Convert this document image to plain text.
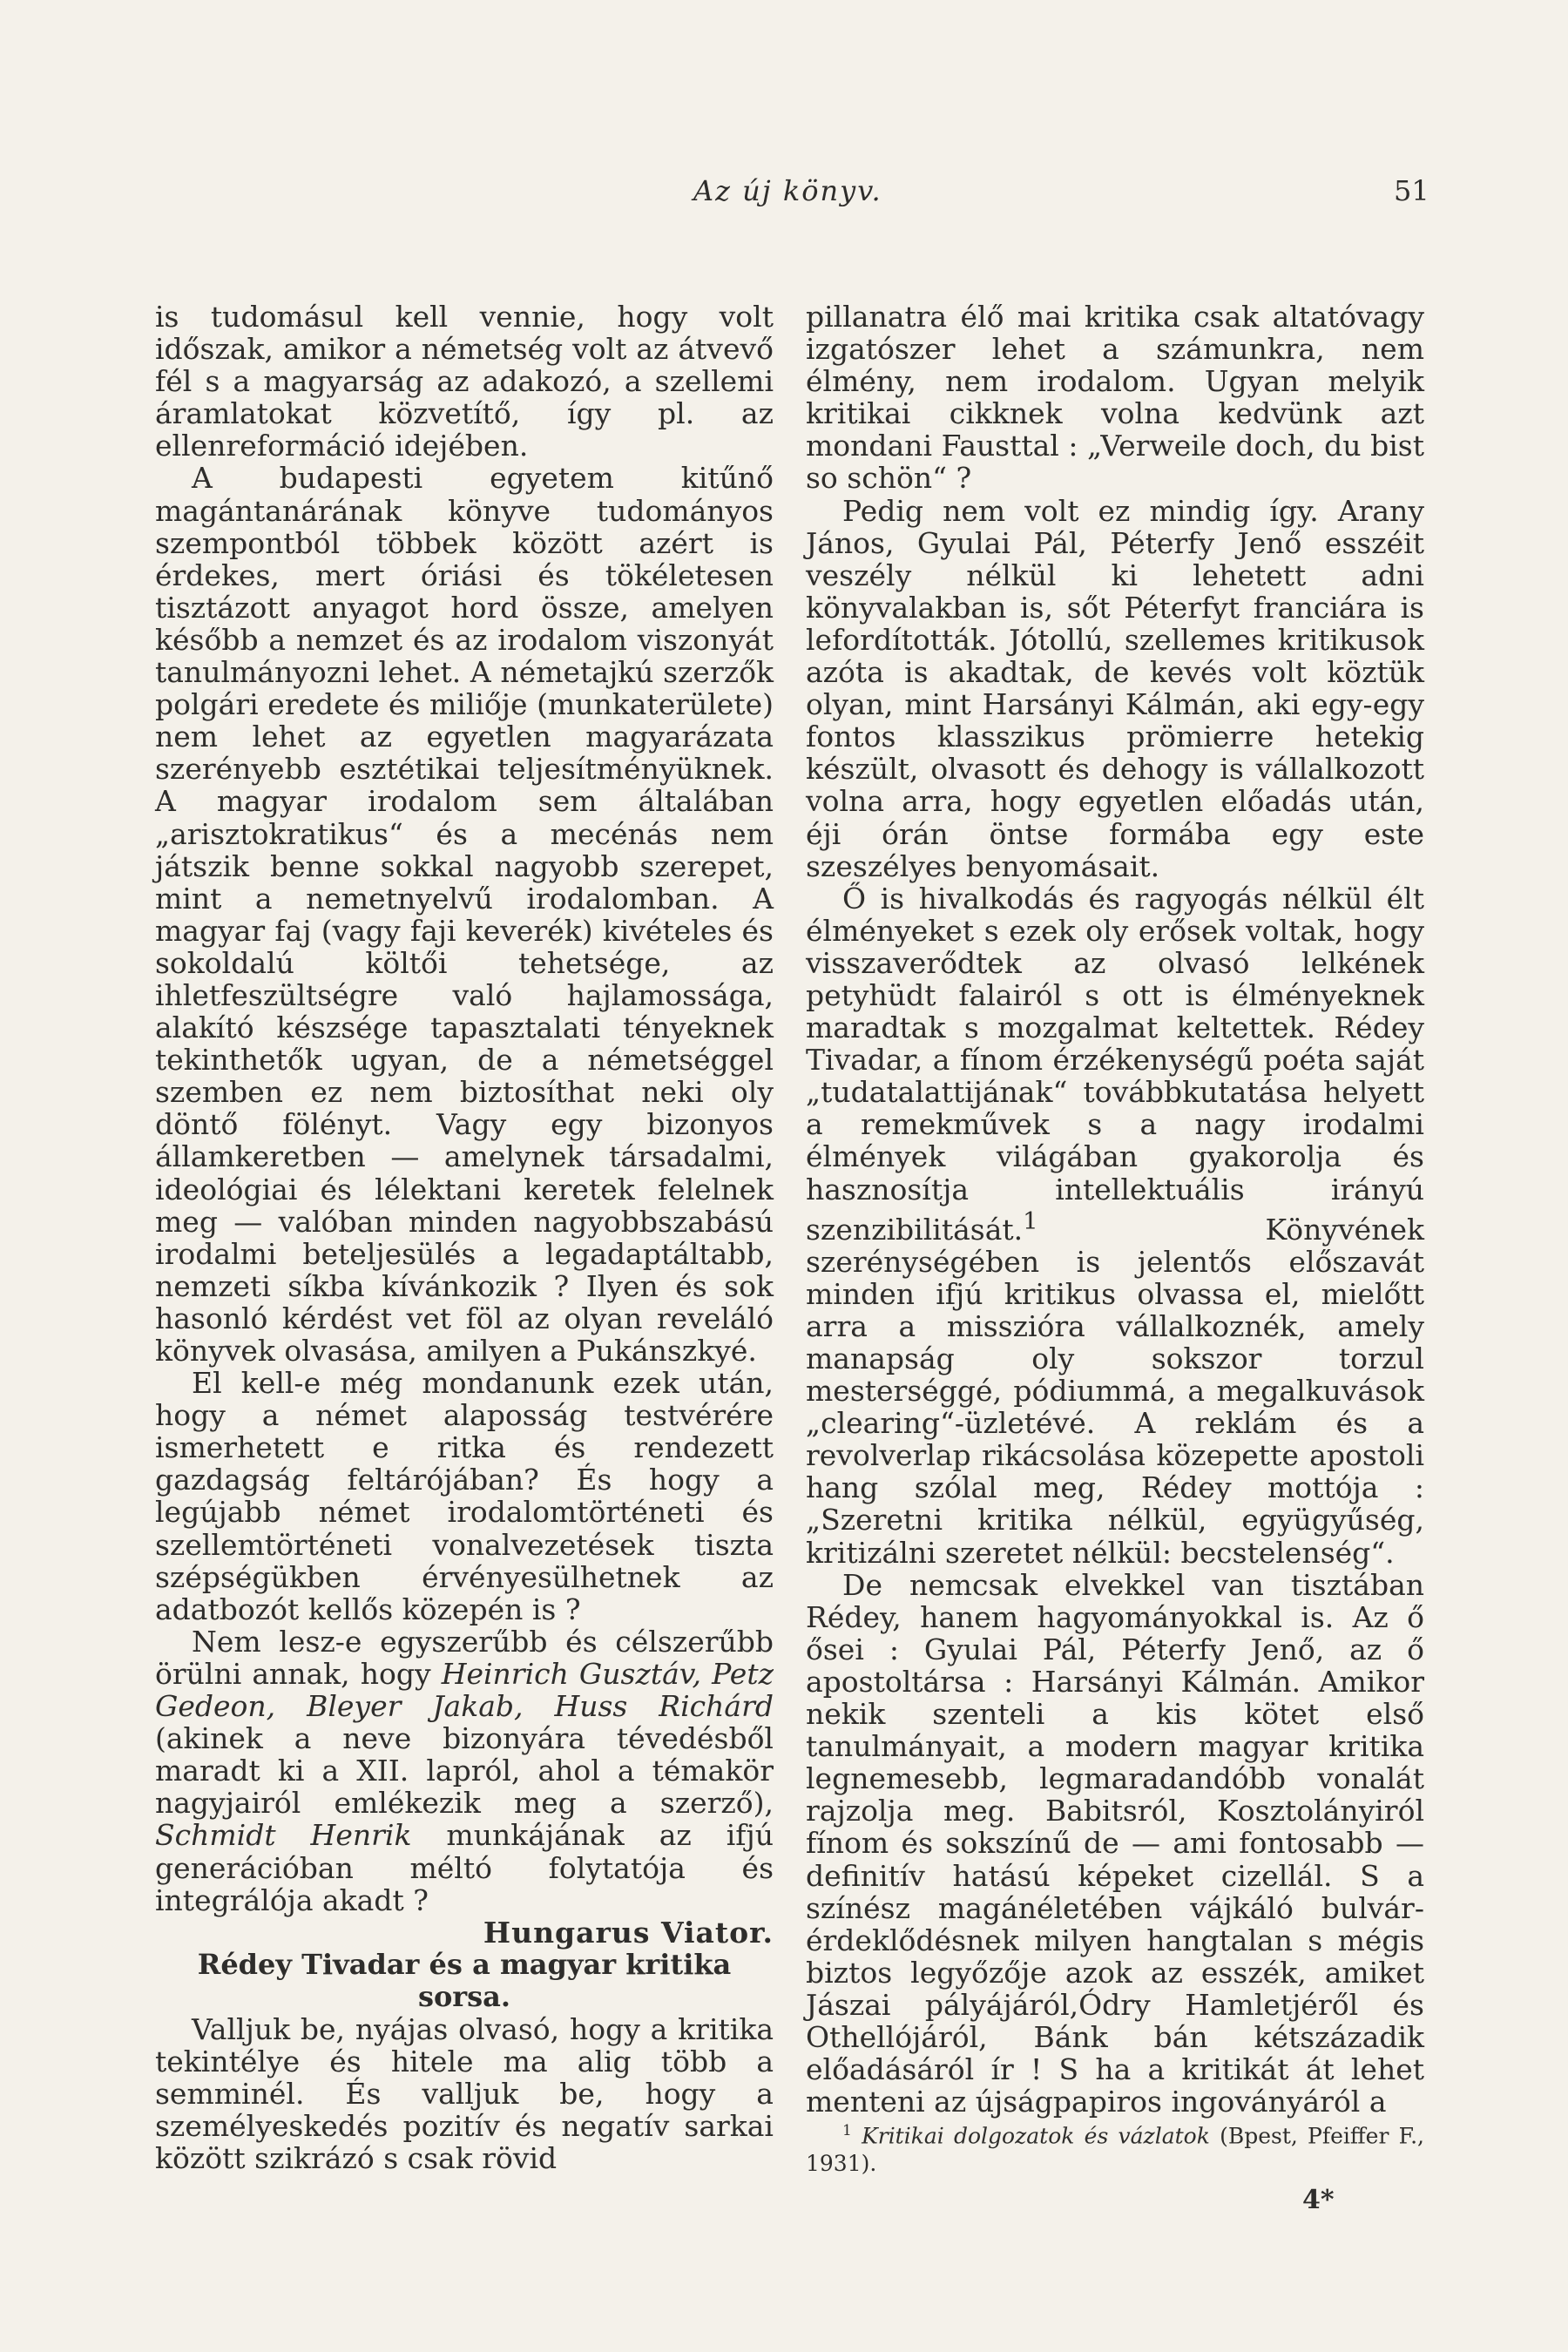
Az új könyv.	51

is tudomásul kell vennie, hogy volt időszak, amikor a németség volt az átvevő fél s a magyarság az adakozó, a szellemi áramlatokat közvetítő, így pl. az ellenreformáció idejében.

A budapesti egyetem kitűnő magántanárának könyve tudományos szempontból többek között azért is érdekes, mert óriási és tökéletesen tisztázott anyagot hord össze, amelyen később a nemzet és az irodalom viszonyát tanulmányozni lehet. A németajkú szerzők polgári eredete és miliője (munkaterülete) nem lehet az egyetlen magyarázata szerényebb esztétikai teljesítményüknek. A magyar irodalom sem általában „arisztokratikus“ és a mecénás nem játszik benne sokkal nagyobb szerepet, mint a nemetnyelvű irodalomban. A magyar faj (vagy faji keverék) kivételes és sokoldalú költői tehetsége, az ihletfeszültségre való hajlamossága, alakító készsége tapasztalati tényeknek tekinthetők ugyan, de a németséggel szemben ez nem biztosíthat neki oly döntő fölényt. Vagy egy bizonyos államkeretben — amelynek társadalmi, ideológiai és lélektani keretek felelnek meg — valóban minden nagyobbszabású irodalmi beteljesülés a legadaptáltabb, nemzeti síkba kívánkozik ? Ilyen és sok hasonló kérdést vet föl az olyan reveláló könyvek olvasása, amilyen a Pukánszkyé.

El kell-e még mondanunk ezek után, hogy a német alaposság testvérére ismerhetett e ritka és rendezett gazdagság feltárójában? És hogy a legújabb német irodalomtörténeti és szellemtörténeti vonalvezetések tiszta szépségükben érvényesülhetnek az adatbozót kellős közepén is ?

Nem lesz-e egyszerűbb és célszerűbb örülni annak, hogy Heinrich Gusztáv, Petz Gedeon, Bleyer Jakab, Huss Richárd (akinek a neve bizonyára tévedésből maradt ki a XII. lapról, ahol a témakör nagyjairól emlékezik meg a szerző), Schmidt Henrik munkájának az ifjú generációban méltó folytatója és integrálója akadt ?

Hungarus Viator.

Rédey Tivadar és a magyar kritika sorsa.

Valljuk be, nyájas olvasó, hogy a kritika tekintélye és hitele ma alig több a semminél. És valljuk be, hogy a személyeskedés pozitív és negatív sarkai között szikrázó s csak rövid

pillanatra élő mai kritika csak altatóvagy izgatószer lehet a számunkra, nem élmény, nem irodalom. Ugyan melyik kritikai cikknek volna kedvünk azt mondani Fausttal : „Verweile doch, du bist so schön“ ?

Pedig nem volt ez mindig így. Arany János, Gyulai Pál, Péterfy Jenő esszéit veszély nélkül ki lehetett adni könyvalakban is, sőt Péterfyt franciára is lefordították. Jótollú, szellemes kritikusok azóta is akadtak, de kevés volt köztük olyan, mint Harsányi Kálmán, aki egy-egy fontos klasszikus prömierre hetekig készült, olvasott és dehogy is vállalkozott volna arra, hogy egyetlen előadás után, éji órán öntse formába egy este szeszélyes benyomásait.

Ő is hivalkodás és ragyogás nélkül élt élményeket s ezek oly erősek voltak, hogy visszaverődtek az olvasó lelkének petyhüdt falairól s ott is élményeknek maradtak s mozgalmat keltettek. Rédey Tivadar, a fínom érzékenységű poéta saját „tudatalattijának“ továbbkutatása helyett a remekművek s a nagy irodalmi élmények világában gyakorolja és hasznosítja intellektuális irányú szenzibilitását.$^1$ Könyvének szerénységében is jelentős előszavát minden ifjú kritikus olvassa el, mielőtt arra a misszióra vállalkoznék, amely manapság oly sokszor torzul mesterséggé, pódiummá, a megalkuvások „clearing“-üzletévé. A reklám és a revolverlap rikácsolása közepette apostoli hang szólal meg, Rédey mottója : „Szeretni kritika nélkül, együgyűség, kritizálni szeretet nélkül: becstelenség“.

De nemcsak elvekkel van tisztában Rédey, hanem hagyományokkal is. Az ő ősei : Gyulai Pál, Péterfy Jenő, az ő apostoltársa : Harsányi Kálmán. Amikor nekik szenteli a kis kötet első tanulmányait, a modern magyar kritika legnemesebb, legmaradandóbb vonalát rajzolja meg. Babitsról, Kosztolányiról fínom és sokszínű de — ami fontosabb — definitív hatású képeket cizellál. S a színész magánéletében vájkáló bulvár-érdeklődésnek milyen hangtalan s mégis biztos legyőzője azok az esszék, amiket Jászai pályájáról,Ódry Hamletjéről és Othellójáról, Bánk bán kétszázadik előadásáról ír ! S ha a kritikát át lehet menteni az újságpapiros ingoványáról a

$^1$ Kritikai dolgozatok és vázlatok (Bpest, Pfeiffer F., 1931).

4*
